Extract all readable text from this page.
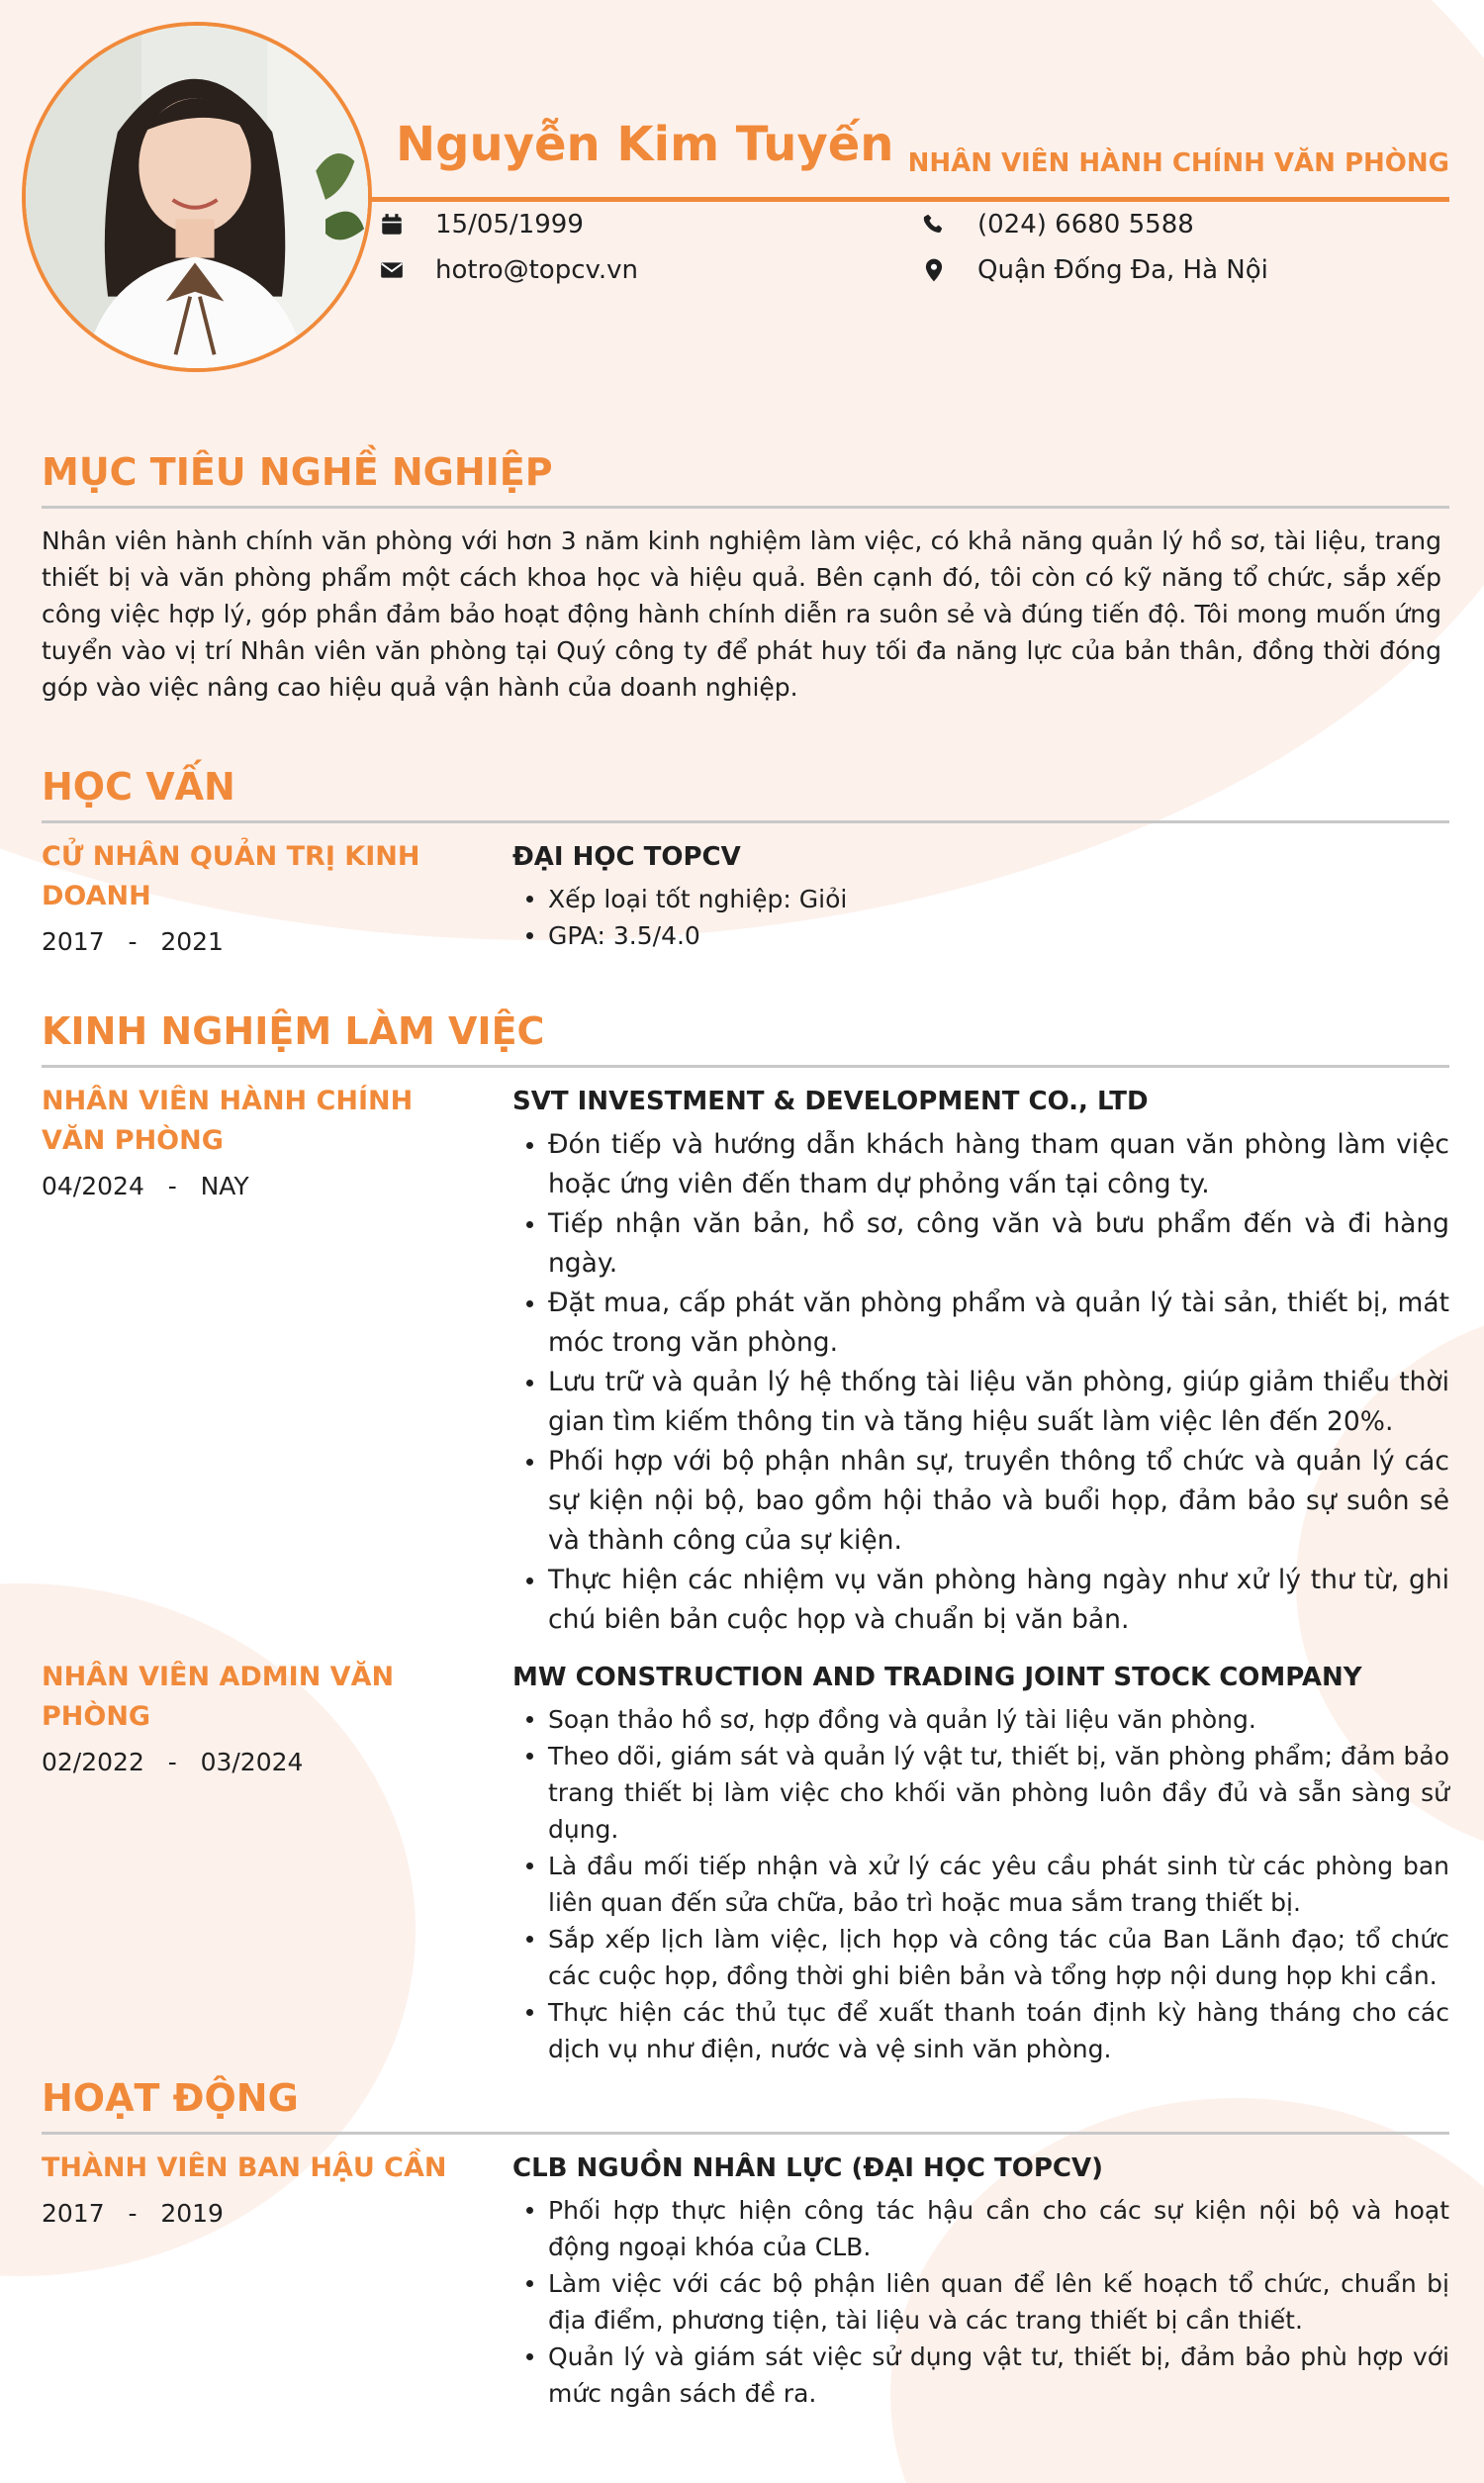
Nguyễn Kim Tuyến NHÂN VIÊN HÀNH CHÍNH VĂN PHÒNG
15/05/1999
hotro@topcv.vn
(024) 6680 5588
Quận Đống Đa, Hà Nội
MỤC TIÊU NGHỀ NGHIỆP
Nhân viên hành chính văn phòng với hơn 3 năm kinh nghiệm làm việc, có khả năng quản lý hồ sơ, tài liệu, trang thiết bị và văn phòng phẩm một cách khoa học và hiệu quả. Bên cạnh đó, tôi còn có kỹ năng tổ chức, sắp xếp công việc hợp lý, góp phần đảm bảo hoạt động hành chính diễn ra suôn sẻ và đúng tiến độ. Tôi mong muốn ứng tuyển vào vị trí Nhân viên văn phòng tại Quý công ty để phát huy tối đa năng lực của bản thân, đồng thời đóng góp vào việc nâng cao hiệu quả vận hành của doanh nghiệp.
HỌC VẤN
CỬ NHÂN QUẢN TRỊ KINH DOANH
2017   -   2021
ĐẠI HỌC TOPCV
Xếp loại tốt nghiệp: Giỏi
GPA: 3.5/4.0
KINH NGHIỆM LÀM VIỆC
NHÂN VIÊN HÀNH CHÍNH VĂN PHÒNG
04/2024   -   NAY
SVT INVESTMENT & DEVELOPMENT CO., LTD
Đón tiếp và hướng dẫn khách hàng tham quan văn phòng làm việc hoặc ứng viên đến tham dự phỏng vấn tại công ty.
Tiếp nhận văn bản, hồ sơ, công văn và bưu phẩm đến và đi hàng ngày.
Đặt mua, cấp phát văn phòng phẩm và quản lý tài sản, thiết bị, mát móc trong văn phòng.
Lưu trữ và quản lý hệ thống tài liệu văn phòng, giúp giảm thiểu thời gian tìm kiếm thông tin và tăng hiệu suất làm việc lên đến 20%.
Phối hợp với bộ phận nhân sự, truyền thông tổ chức và quản lý các sự kiện nội bộ, bao gồm hội thảo và buổi họp, đảm bảo sự suôn sẻ và thành công của sự kiện.
Thực hiện các nhiệm vụ văn phòng hàng ngày như xử lý thư từ, ghi chú biên bản cuộc họp và chuẩn bị văn bản.
NHÂN VIÊN ADMIN VĂN PHÒNG
02/2022   -   03/2024
MW CONSTRUCTION AND TRADING JOINT STOCK COMPANY
Soạn thảo hồ sơ, hợp đồng và quản lý tài liệu văn phòng.
Theo dõi, giám sát và quản lý vật tư, thiết bị, văn phòng phẩm; đảm bảo trang thiết bị làm việc cho khối văn phòng luôn đầy đủ và sẵn sàng sử dụng.
Là đầu mối tiếp nhận và xử lý các yêu cầu phát sinh từ các phòng ban liên quan đến sửa chữa, bảo trì hoặc mua sắm trang thiết bị.
Sắp xếp lịch làm việc, lịch họp và công tác của Ban Lãnh đạo; tổ chức các cuộc họp, đồng thời ghi biên bản và tổng hợp nội dung họp khi cần.
Thực hiện các thủ tục để xuất thanh toán định kỳ hàng tháng cho các dịch vụ như điện, nước và vệ sinh văn phòng.
HOẠT ĐỘNG
THÀNH VIÊN BAN HẬU CẦN
2017   -   2019
CLB NGUỒN NHÂN LỰC (ĐẠI HỌC TOPCV)
Phối hợp thực hiện công tác hậu cần cho các sự kiện nội bộ và hoạt động ngoại khóa của CLB.
Làm việc với các bộ phận liên quan để lên kế hoạch tổ chức, chuẩn bị địa điểm, phương tiện, tài liệu và các trang thiết bị cần thiết.
Quản lý và giám sát việc sử dụng vật tư, thiết bị, đảm bảo phù hợp với mức ngân sách đề ra.
